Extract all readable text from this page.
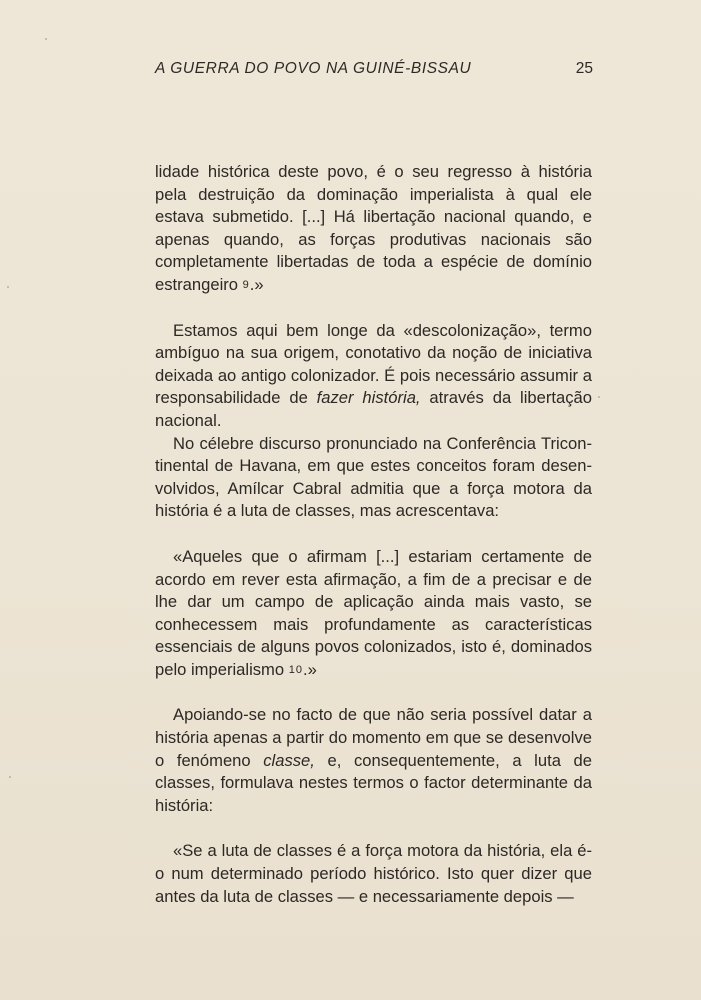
A GUERRA DO POVO NA GUINÉ-BISSAU	25

lidade histórica deste povo, é o seu regresso à história pela destruição da dominação imperialista à qual ele estava submetido. [...] Há libertação nacional quando, e apenas quando, as forças produtivas nacionais são completamente libertadas de toda a espécie de domínio estrangeiro 9.»

Estamos aqui bem longe da «descolonização», termo ambíguo na sua origem, conotativo da noção de iniciativa deixada ao antigo colonizador. É pois necessário assumir a responsabilidade de fazer história, através da libertação nacional.

No célebre discurso pronunciado na Conferência Tricontinental de Havana, em que estes conceitos foram desenvolvidos, Amílcar Cabral admitia que a força motora da história é a luta de classes, mas acrescentava:

«Aqueles que o afirmam [...] estariam certamente de acordo em rever esta afirmação, a fim de a precisar e de lhe dar um campo de aplicação ainda mais vasto, se conhecessem mais profundamente as características essenciais de alguns povos colonizados, isto é, dominados pelo imperialismo 10.»

Apoiando-se no facto de que não seria possível datar a história apenas a partir do momento em que se desenvolve o fenómeno classe, e, consequentemente, a luta de classes, formulava nestes termos o factor determinante da história:

«Se a luta de classes é a força motora da história, ela é-o num determinado período histórico. Isto quer dizer que antes da luta de classes — e necessariamente depois —
